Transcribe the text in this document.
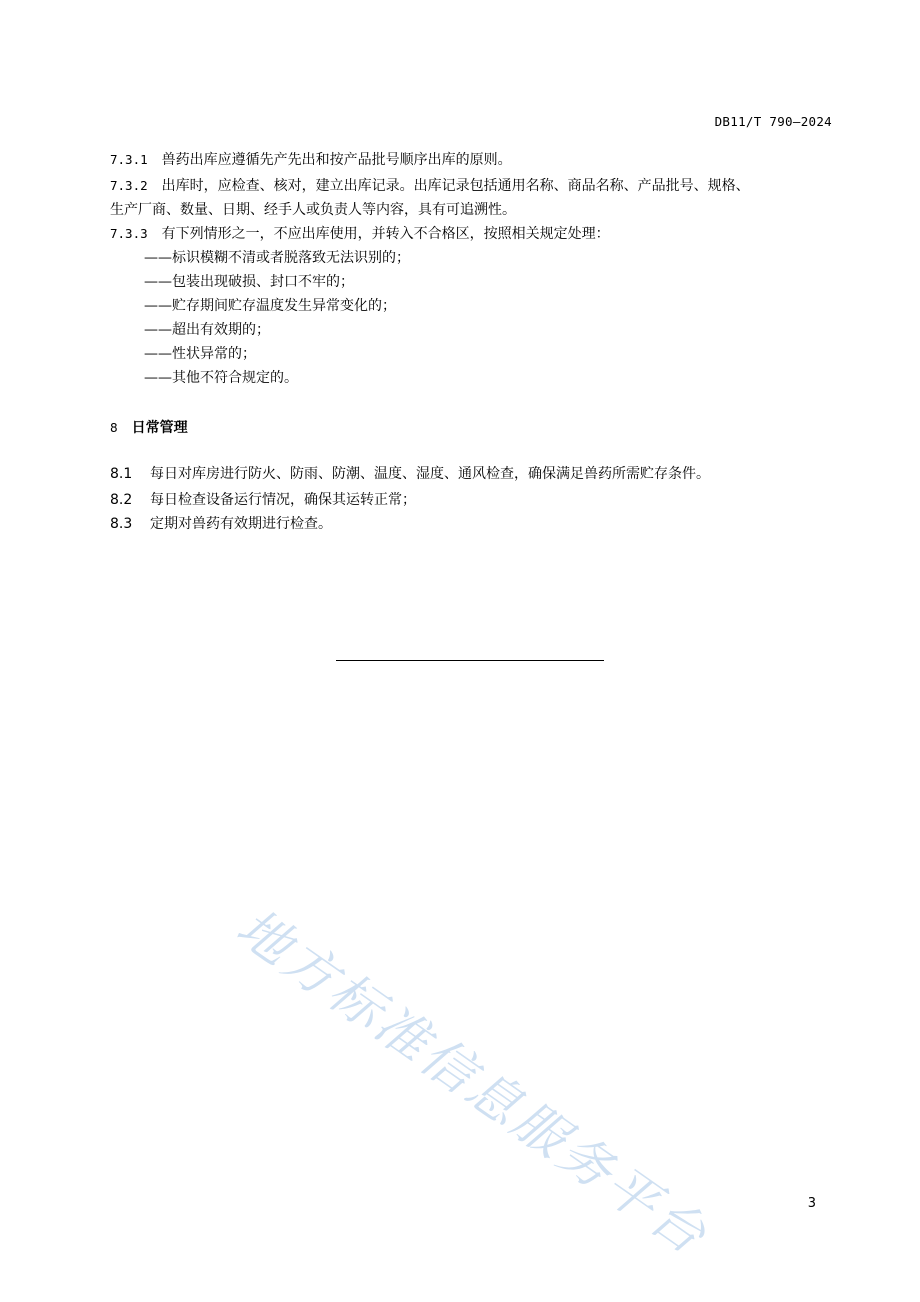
DB11/T 790—2024
7.3.1 兽药出库应遵循先产先出和按产品批号顺序出库的原则。
7.3.2 出库时，应检查、核对，建立出库记录。出库记录包括通用名称、商品名称、产品批号、规格、
生产厂商、数量、日期、经手人或负责人等内容，具有可追溯性。
7.3.3 有下列情形之一，不应出库使用，并转入不合格区，按照相关规定处理：
——标识模糊不清或者脱落致无法识别的；
——包装出现破损、封口不牢的；
——贮存期间贮存温度发生异常变化的；
——超出有效期的；
——性状异常的；
——其他不符合规定的。
8 日常管理
8.1 每日对库房进行防火、防雨、防潮、温度、湿度、通风检查，确保满足兽药所需贮存条件。
8.2 每日检查设备运行情况，确保其运转正常；
8.3 定期对兽药有效期进行检查。
地方标准信息服务平台	3
